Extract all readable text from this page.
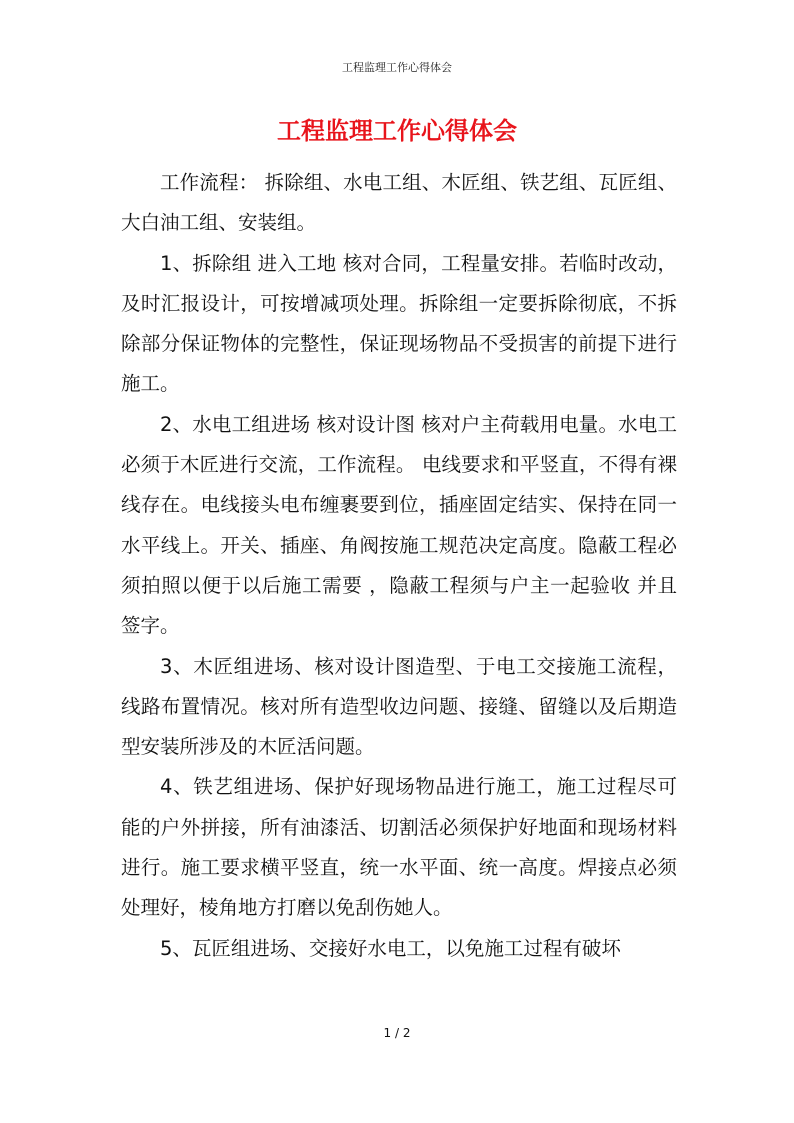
工程监理工作心得体会
工程监理工作心得体会

工作流程： 拆除组、水电工组、木匠组、铁艺组、瓦匠组、大白油工组、安装组。

1、拆除组 进入工地 核对合同，工程量安排。若临时改动，及时汇报设计，可按增减项处理。拆除组一定要拆除彻底，不拆除部分保证物体的完整性，保证现场物品不受损害的前提下进行施工。

2、水电工组进场 核对设计图 核对户主荷载用电量。水电工必须于木匠进行交流，工作流程。 电线要求和平竖直，不得有裸线存在。电线接头电布缠裹要到位，插座固定结实、保持在同一水平线上。开关、插座、角阀按施工规范决定高度。隐蔽工程必须拍照以便于以后施工需要 ，隐蔽工程须与户主一起验收 并且签字。

3、木匠组进场、核对设计图造型、于电工交接施工流程，线路布置情况。核对所有造型收边问题、接缝、留缝以及后期造型安装所涉及的木匠活问题。

4、铁艺组进场、保护好现场物品进行施工，施工过程尽可能的户外拼接，所有油漆活、切割活必须保护好地面和现场材料进行。施工要求横平竖直，统一水平面、统一高度。焊接点必须处理好，棱角地方打磨以免刮伤她人。

5、瓦匠组进场、交接好水电工，以免施工过程有破坏

1 / 2
